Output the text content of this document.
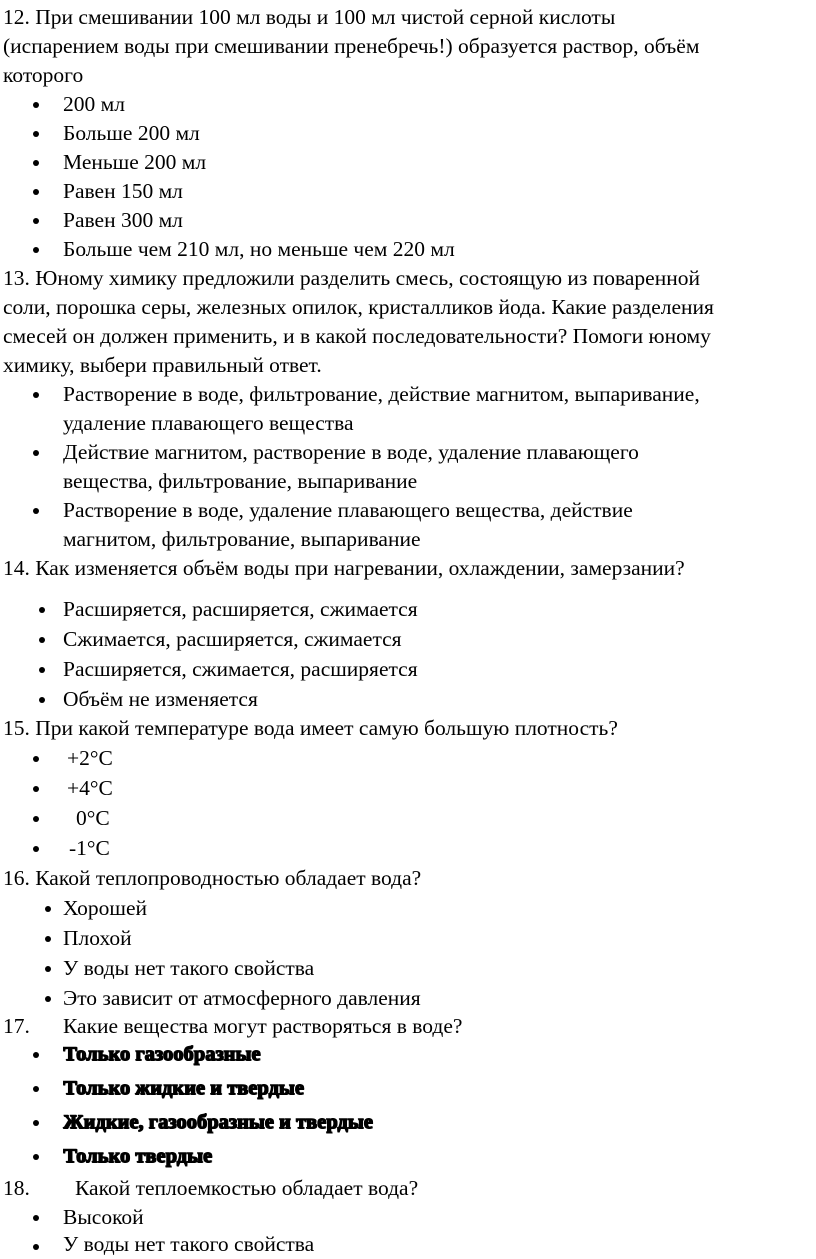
12. При смешивании 100 мл воды и 100 мл чистой серной кислоты
(испарением воды при смешивании пренебречь!) образуется раствор, объём
которого
200 мл
Больше 200 мл
Меньше 200 мл
Равен 150 мл
Равен 300 мл
Больше чем 210 мл, но меньше чем 220 мл
13. Юному химику предложили разделить смесь, состоящую из поваренной
соли, порошка серы, железных опилок, кристалликов йода. Какие разделения
смесей он должен применить, и в какой последовательности? Помоги юному
химику, выбери правильный ответ.
Растворение в воде, фильтрование, действие магнитом, выпаривание,
удаление плавающего вещества
Действие магнитом, растворение в воде, удаление плавающего
вещества, фильтрование, выпаривание
Растворение в воде, удаление плавающего вещества, действие
магнитом, фильтрование, выпаривание
14. Как изменяется объём воды при нагревании, охлаждении, замерзании?
Расширяется, расширяется, сжимается
Сжимается, расширяется, сжимается
Расширяется, сжимается, расширяется
Объём не изменяется
15. При какой температуре вода имеет самую большую плотность?
+2°С
+4°С
0°С
-1°С
16. Какой теплопроводностью обладает вода?
Хорошей
Плохой
У воды нет такого свойства
Это зависит от атмосферного давления
17. Какие вещества могут растворяться в воде?
Только газообразные
Только жидкие и твердые
Жидкие, газообразные и твердые
Только твердые
18. Какой теплоемкостью обладает вода?
Высокой
У воды нет такого свойства
